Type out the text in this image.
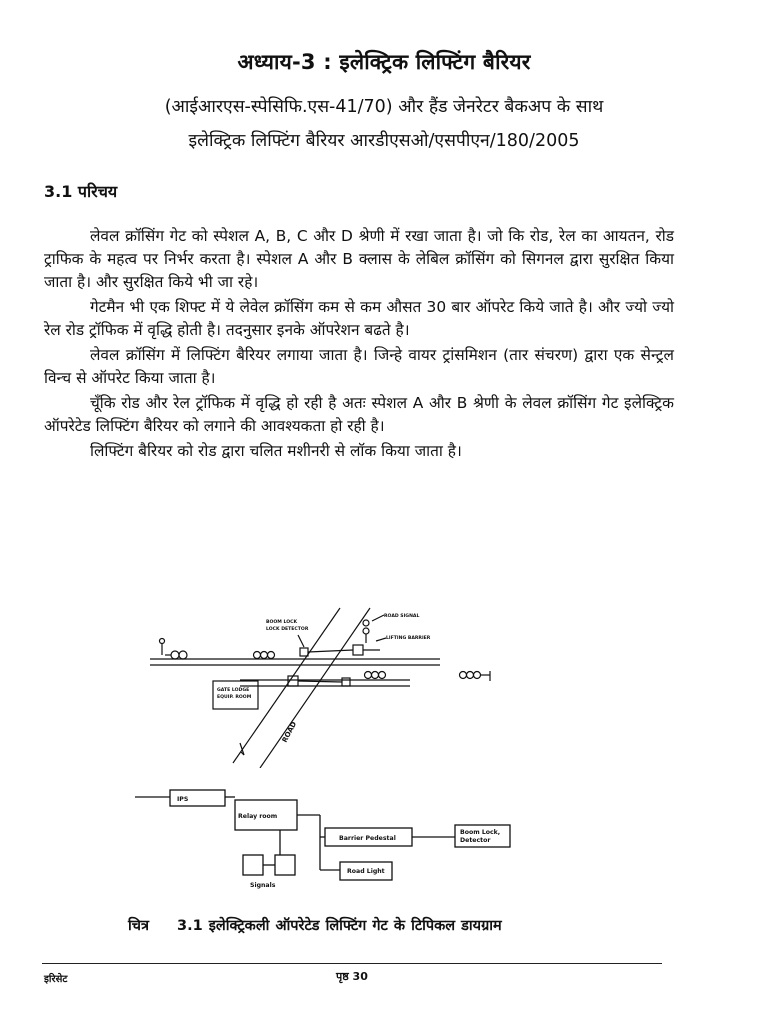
अध्याय-3 : इलेक्ट्रिक लिफ्टिंग बैरियर
(आईआरएस-स्पेसिफि.एस-41/70) और हैंड जेनरेटर बैकअप के साथ
इलेक्ट्रिक लिफ्टिंग बैरियर आरडीएसओ/एसपीएन/180/2005
3.1 परिचय

लेवल क्रॉसिंग गेट को स्पेशल A, B, C और D श्रेणी में रखा जाता है। जो कि रोड, रेल का आयतन, रोड ट्राफिक के महत्व पर निर्भर करता है। स्पेशल A और B क्लास के लेबिल क्रॉसिंग को सिगनल द्वारा सुरक्षित किया जाता है। और सुरक्षित किये भी जा रहे।

गेटमैन भी एक शिफ्ट में ये लेवेल क्रॉसिंग कम से कम औसत 30 बार ऑपरेट किये जाते है। और ज्यो ज्यो रेल रोड ट्रॉफिक में वृद्धि होती है। तदनुसार इनके ऑपरेशन बढते है।

लेवल क्रॉसिंग में लिफ्टिंग बैरियर लगाया जाता है। जिन्हे वायर ट्रांसमिशन (तार संचरण) द्वारा एक सेन्ट्रल विन्च से ऑपरेट किया जाता है।

चूँकि रोड और रेल ट्रॉफिक में वृद्धि हो रही है अतः स्पेशल A और B श्रेणी के लेवल क्रॉसिंग गेट इलेक्ट्रिक ऑपरेटेड लिफ्टिंग बैरियर को लगाने की आवश्यकता हो रही है।

लिफ्टिंग बैरियर को रोड द्वारा चलित मशीनरी से लॉक किया जाता है।

BOOM LOCK
LOCK DETECTOR
ROAD SIGNAL
LIFTING BARRIER
GATE LODGE
EQUIP. ROOM
ROAD
IPS
Relay room
Barrier Pedestal
Boom Lock,
Detector
Road Light
Signals
चित्र 3.1 इलेक्ट्रिकली ऑपरेटेड लिफ्टिंग गेट के टिपिकल डायग्राम
इरिसेट	पृष्ठ 30
